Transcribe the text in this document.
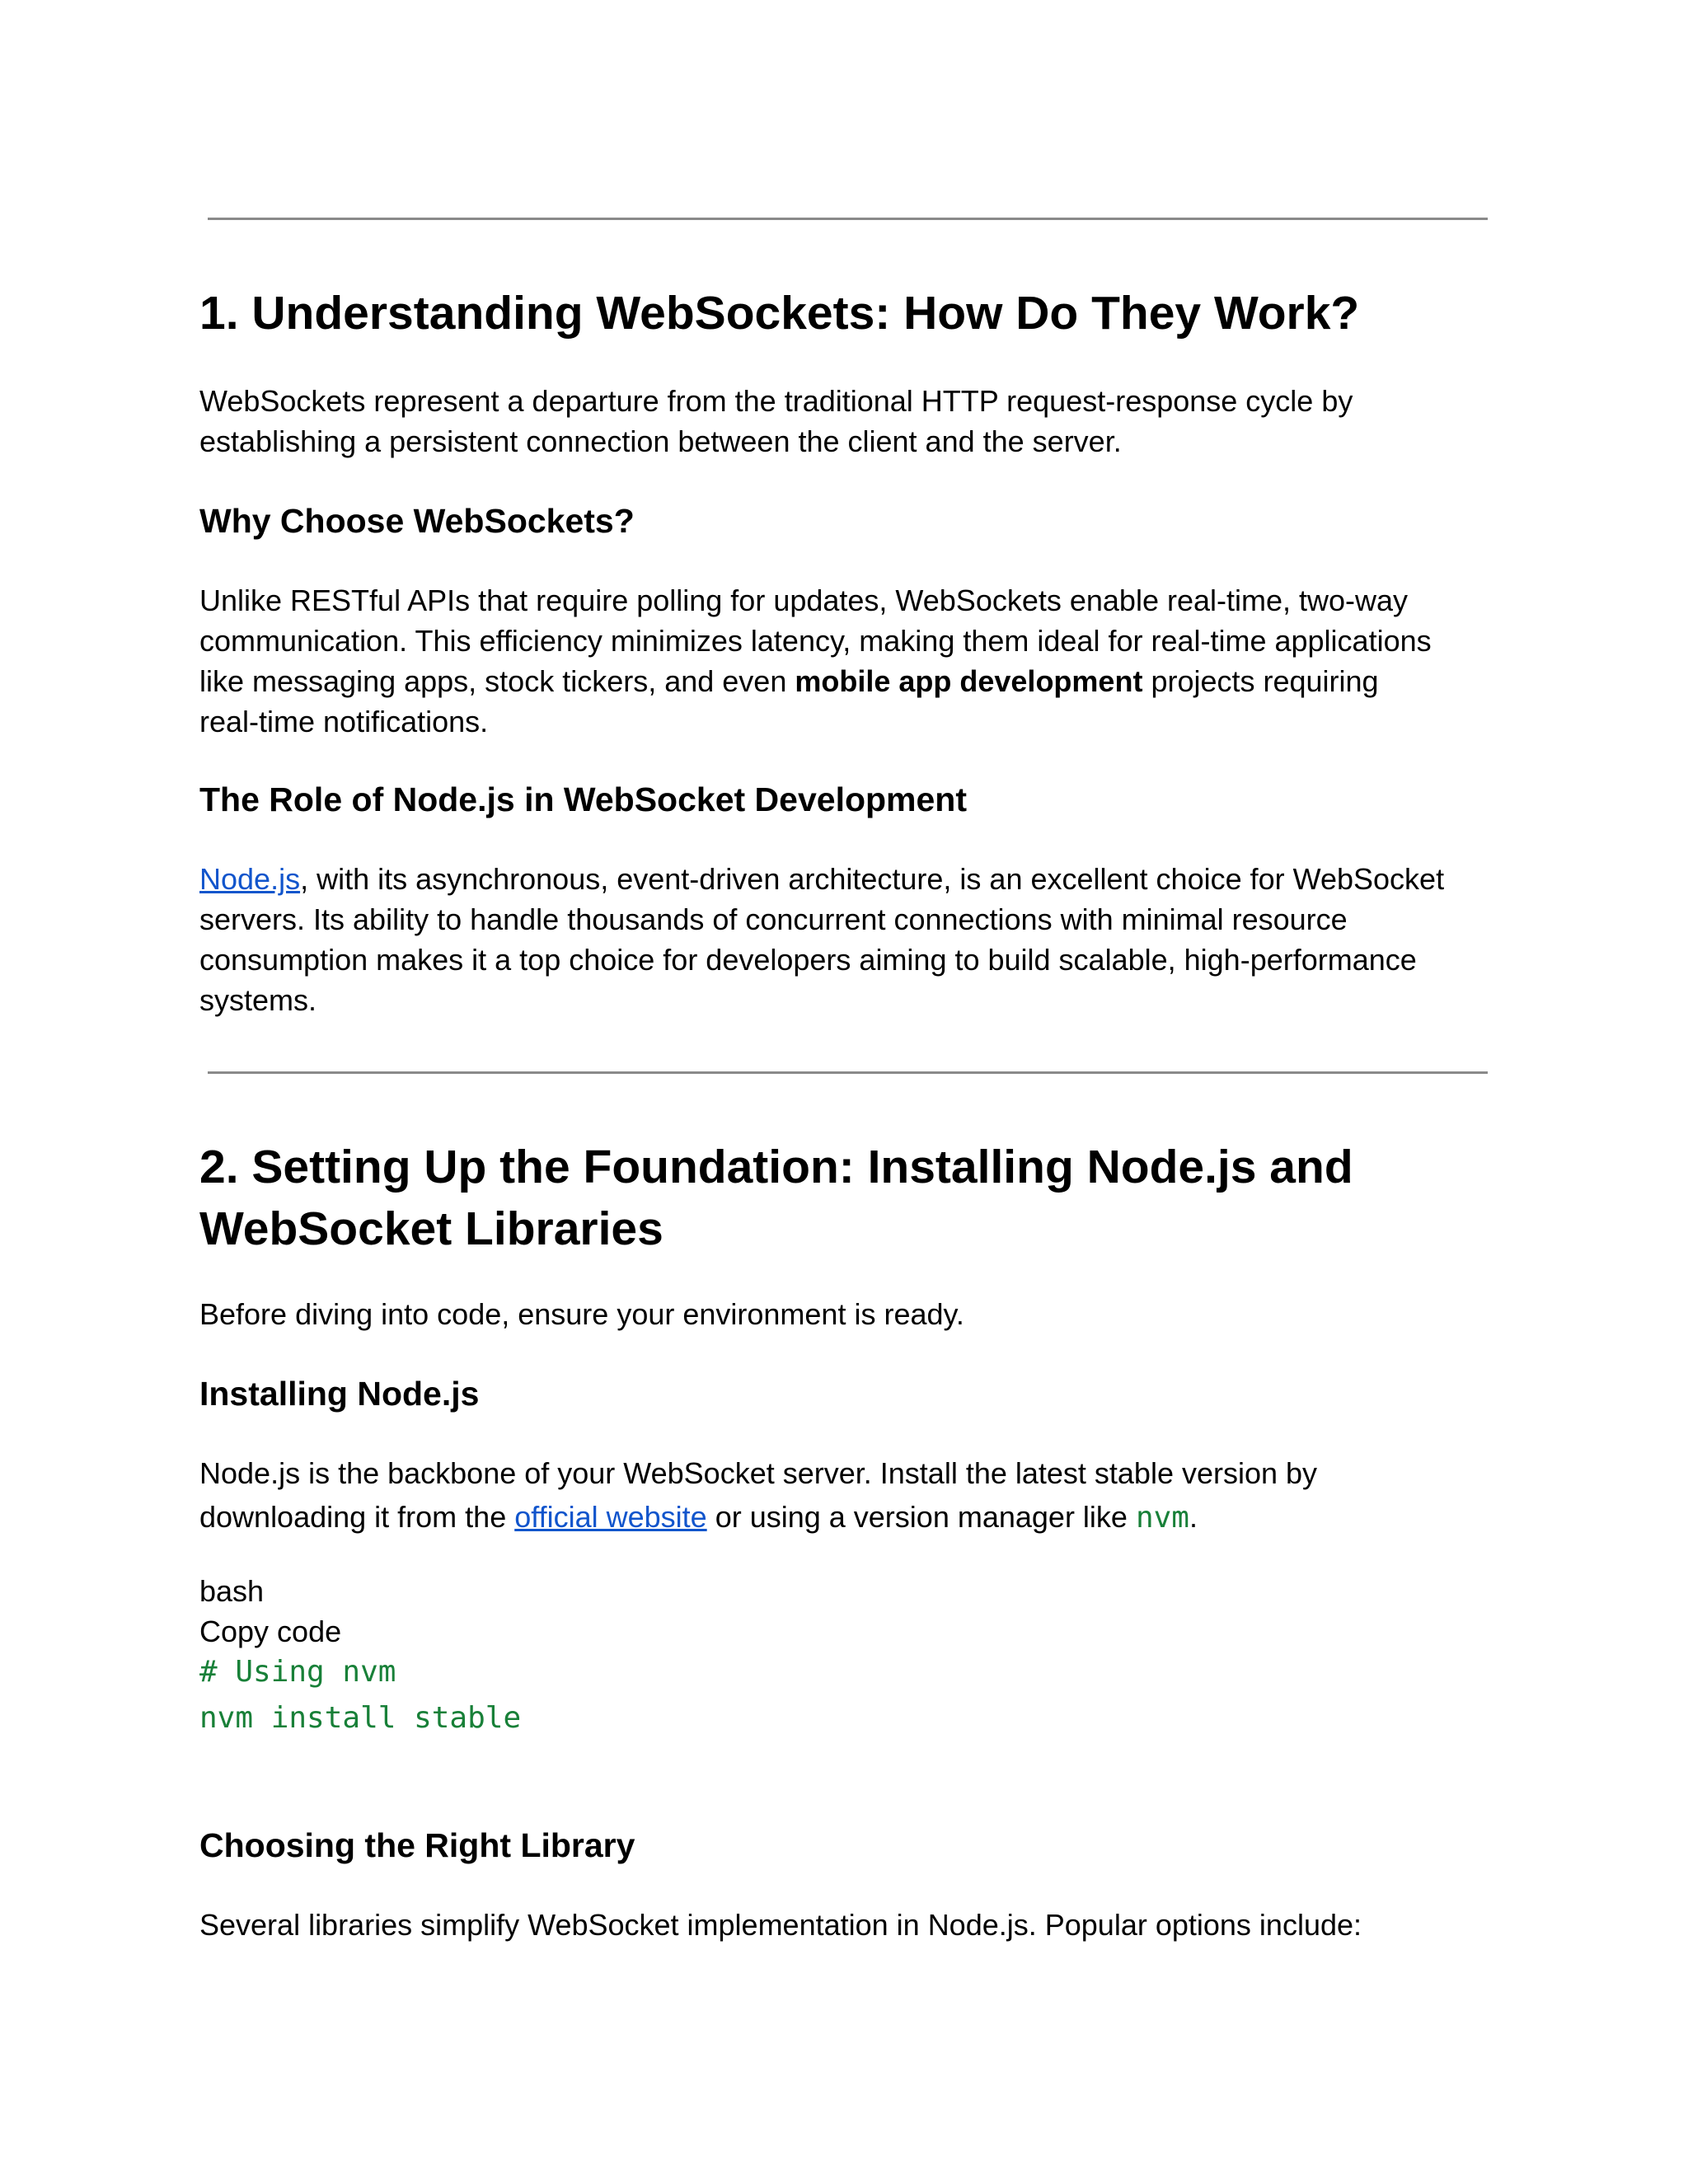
1. Understanding WebSockets: How Do They Work?
WebSockets represent a departure from the traditional HTTP request-response cycle by
establishing a persistent connection between the client and the server.
Why Choose WebSockets?
Unlike RESTful APIs that require polling for updates, WebSockets enable real-time, two-way
communication. This efficiency minimizes latency, making them ideal for real-time applications
like messaging apps, stock tickers, and even mobile app development projects requiring
real-time notifications.
The Role of Node.js in WebSocket Development
Node.js, with its asynchronous, event-driven architecture, is an excellent choice for WebSocket
servers. Its ability to handle thousands of concurrent connections with minimal resource
consumption makes it a top choice for developers aiming to build scalable, high-performance
systems.
2. Setting Up the Foundation: Installing Node.js and
WebSocket Libraries
Before diving into code, ensure your environment is ready.
Installing Node.js
Node.js is the backbone of your WebSocket server. Install the latest stable version by
downloading it from the official website or using a version manager like nvm.
bash
Copy code
# Using nvm
nvm install stable
Choosing the Right Library
Several libraries simplify WebSocket implementation in Node.js. Popular options include:
